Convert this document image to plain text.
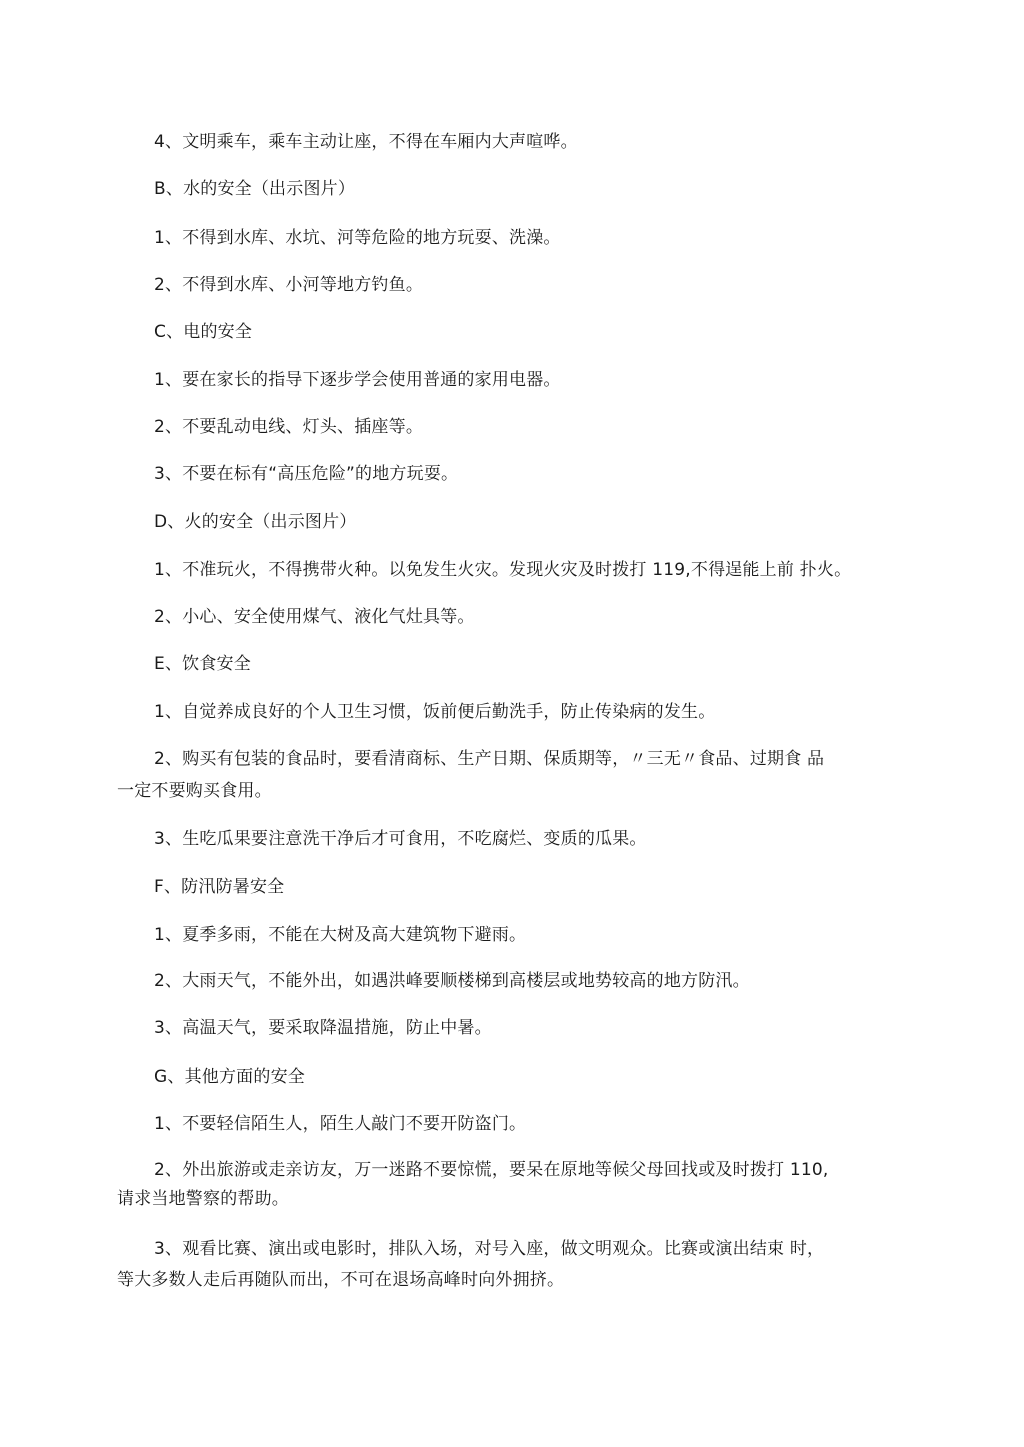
4、文明乘车，乘车主动让座，不得在车厢内大声喧哗。
B、水的安全（出示图片）
1、不得到水库、水坑、河等危险的地方玩耍、洗澡。
2、不得到水库、小河等地方钓鱼。
C、电的安全
1、要在家长的指导下逐步学会使用普通的家用电器。
2、不要乱动电线、灯头、插座等。
3、不要在标有“高压危险”的地方玩耍。
D、火的安全（出示图片）
1、不准玩火，不得携带火种。以免发生火灾。发现火灾及时拨打 119,不得逞能上前 扑火。
2、小心、安全使用煤气、液化气灶具等。
E、饮食安全
1、自觉养成良好的个人卫生习惯，饭前便后勤洗手，防止传染病的发生。
2、购买有包装的食品时，要看清商标、生产日期、保质期等，〃三无〃食品、过期食 品
一定不要购买食用。
3、生吃瓜果要注意洗干净后才可食用，不吃腐烂、变质的瓜果。
F、防汛防暑安全
1、夏季多雨，不能在大树及高大建筑物下避雨。
2、大雨天气，不能外出，如遇洪峰要顺楼梯到高楼层或地势较高的地方防汛。
3、高温天气，要采取降温措施，防止中暑。
G、其他方面的安全
1、不要轻信陌生人，陌生人敲门不要开防盗门。
2、外出旅游或走亲访友，万一迷路不要惊慌，要呆在原地等候父母回找或及时拨打 110,
请求当地警察的帮助。
3、观看比赛、演出或电影时，排队入场，对号入座，做文明观众。比赛或演出结束 时，
等大多数人走后再随队而出，不可在退场高峰时向外拥挤。
